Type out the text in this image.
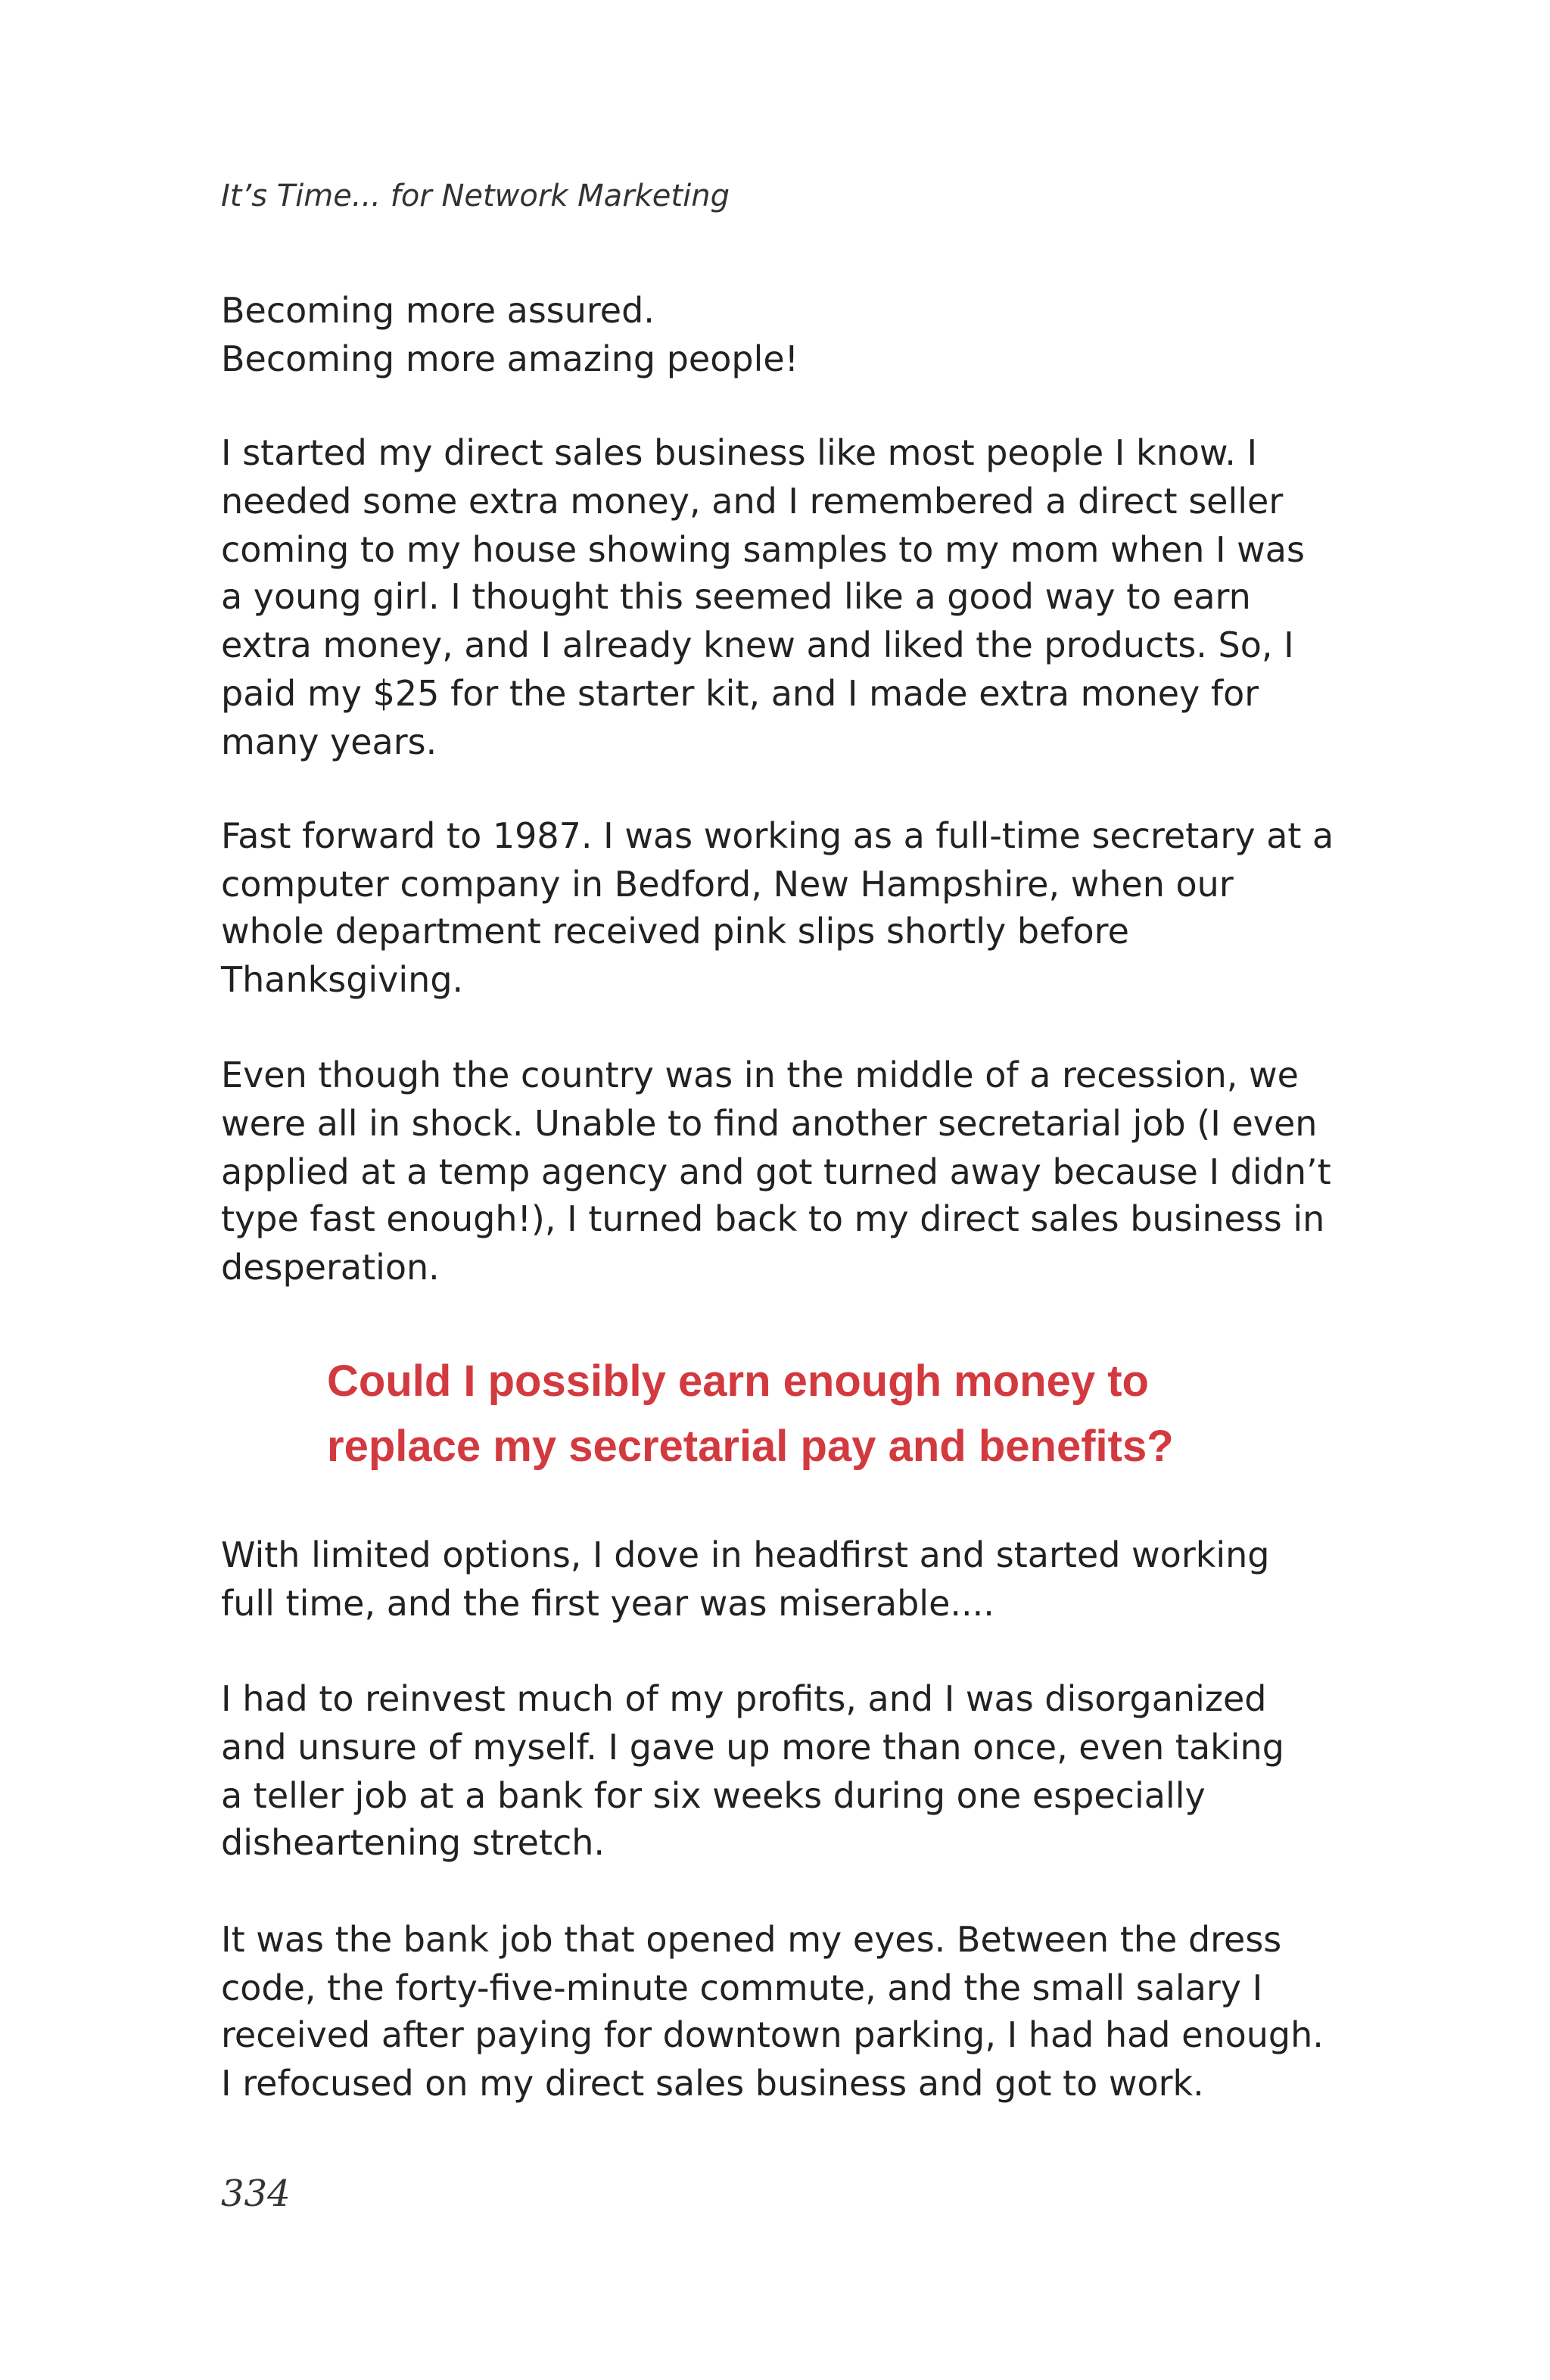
It’s Time... for Network Marketing
Becoming more assured.
Becoming more amazing people!
I started my direct sales business like most people I know. I
needed some extra money, and I remembered a direct seller
coming to my house showing samples to my mom when I was
a young girl. I thought this seemed like a good way to earn
extra money, and I already knew and liked the products. So, I
paid my $25 for the starter kit, and I made extra money for
many years.
Fast forward to 1987. I was working as a full-time secretary at a
computer company in Bedford, New Hampshire, when our
whole department received pink slips shortly before
Thanksgiving.
Even though the country was in the middle of a recession, we
were all in shock. Unable to find another secretarial job (I even
applied at a temp agency and got turned away because I didn’t
type fast enough!), I turned back to my direct sales business in
desperation.
Could I possibly earn enough money to
replace my secretarial pay and benefits?
With limited options, I dove in headfirst and started working
full time, and the first year was miserable....
I had to reinvest much of my profits, and I was disorganized
and unsure of myself. I gave up more than once, even taking
a teller job at a bank for six weeks during one especially
disheartening stretch.
It was the bank job that opened my eyes. Between the dress
code, the forty-five-minute commute, and the small salary I
received after paying for downtown parking, I had had enough.
I refocused on my direct sales business and got to work.
334
